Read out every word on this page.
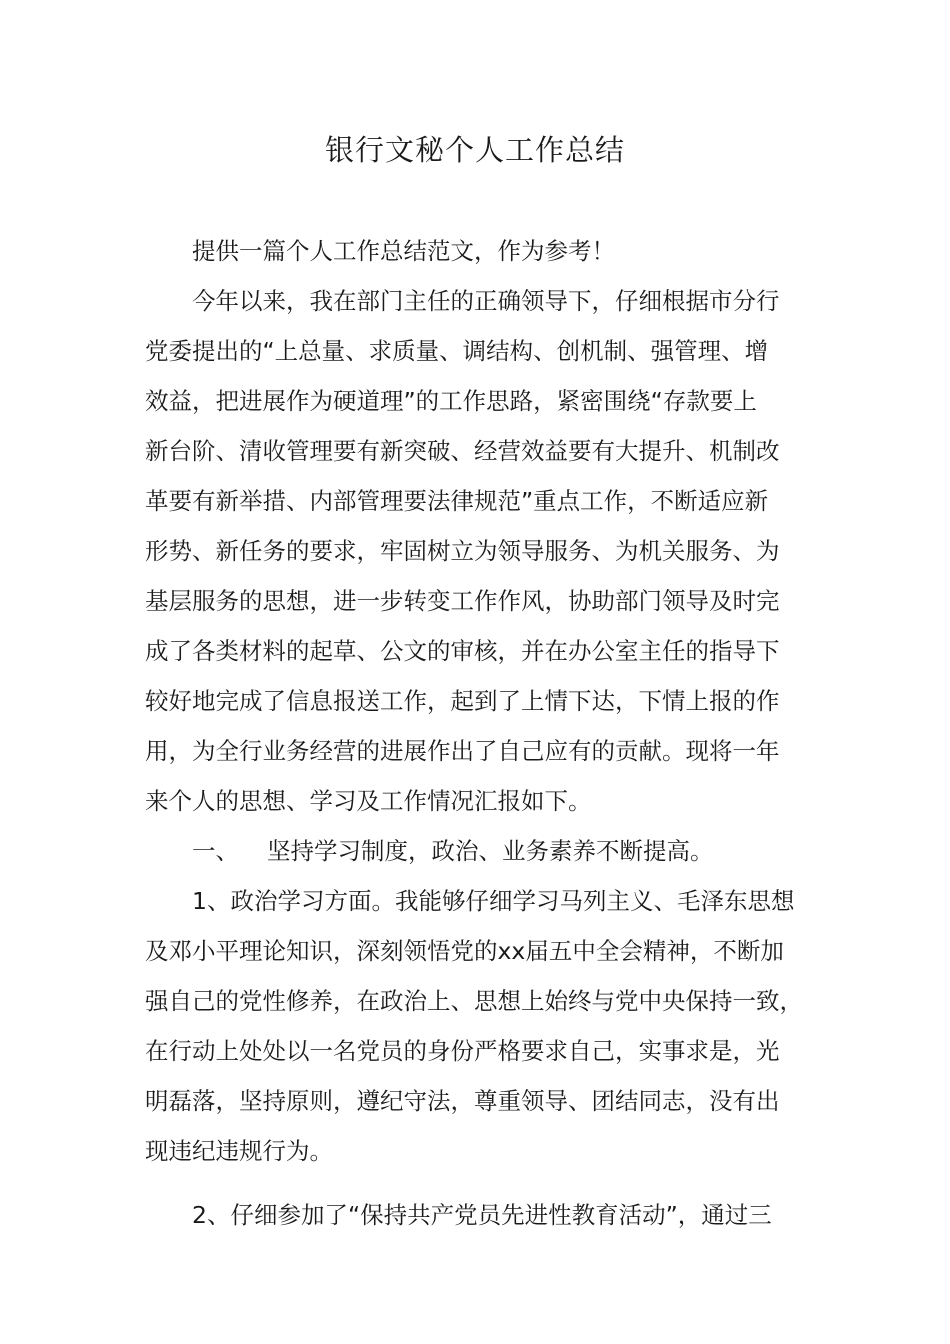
银行文秘个人工作总结

提供一篇个人工作总结范文，作为参考！

今年以来，我在部门主任的正确领导下，仔细根据市分行
党委提出的“上总量、求质量、调结构、创机制、强管理、增
效益，把进展作为硬道理”的工作思路，紧密围绕“存款要上
新台阶、清收管理要有新突破、经营效益要有大提升、机制改
革要有新举措、内部管理要法律规范”重点工作，不断适应新
形势、新任务的要求，牢固树立为领导服务、为机关服务、为
基层服务的思想，进一步转变工作作风，协助部门领导及时完
成了各类材料的起草、公文的审核，并在办公室主任的指导下
较好地完成了信息报送工作，起到了上情下达，下情上报的作
用，为全行业务经营的进展作出了自己应有的贡献。现将一年
来个人的思想、学习及工作情况汇报如下。

一、 坚持学习制度，政治、业务素养不断提高。

1、政治学习方面。我能够仔细学习马列主义、毛泽东思想
及邓小平理论知识，深刻领悟党的xx届五中全会精神，不断加
强自己的党性修养，在政治上、思想上始终与党中央保持一致，
在行动上处处以一名党员的身份严格要求自己，实事求是，光
明磊落，坚持原则，遵纪守法，尊重领导、团结同志，没有出
现违纪违规行为。

2、仔细参加了“保持共产党员先进性教育活动”，通过三
